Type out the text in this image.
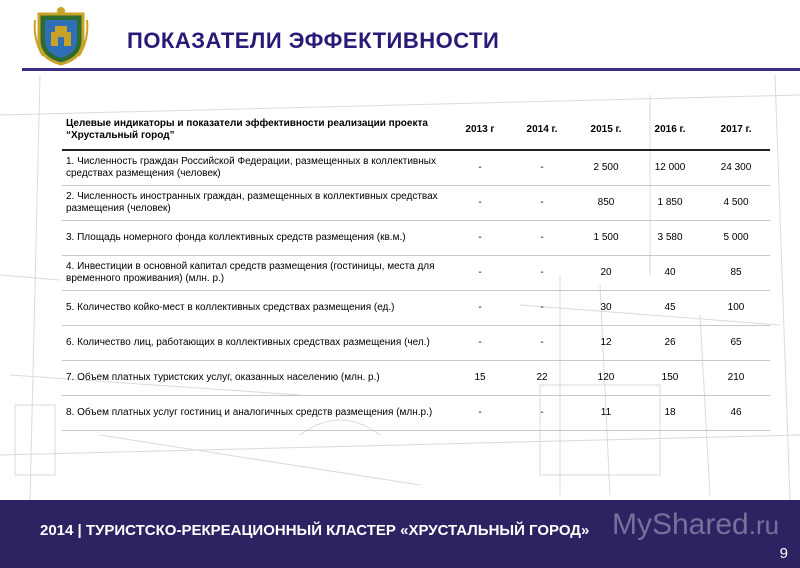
ПОКАЗАТЕЛИ ЭФФЕКТИВНОСТИ
Целевые индикаторы и показатели эффективности реализации проекта “Хрустальный город”	2013 г	2014 г.	2015 г.	2016 г.	2017 г.
1. Численность граждан Российской Федерации, размещенных в коллективных средствах размещения (человек)	-	-	2 500	12 000	24 300
2. Численность иностранных граждан, размещенных в коллективных средствах размещения (человек)	-	-	850	1 850	4 500
3. Площадь номерного фонда коллективных средств размещения (кв.м.)	-	-	1 500	3 580	5 000
4. Инвестиции в основной капитал средств размещения (гостиницы, места для временного проживания) (млн. р.)	-	-	20	40	85
5. Количество койко-мест в коллективных средствах размещения (ед.)	-	-	30	45	100
6. Количество лиц, работающих в коллективных средствах размещения (чел.)	-	-	12	26	65
7. Объем платных туристских услуг, оказанных населению (млн. р.)	15	22	120	150	210
8. Объем платных услуг гостиниц и аналогичных средств размещения (млн.р.)	-	-	11	18	46
MyShared.ru
2014 | ТУРИСТСКО-РЕКРЕАЦИОННЫЙ КЛАСТЕР «ХРУСТАЛЬНЫЙ ГОРОД»
9
